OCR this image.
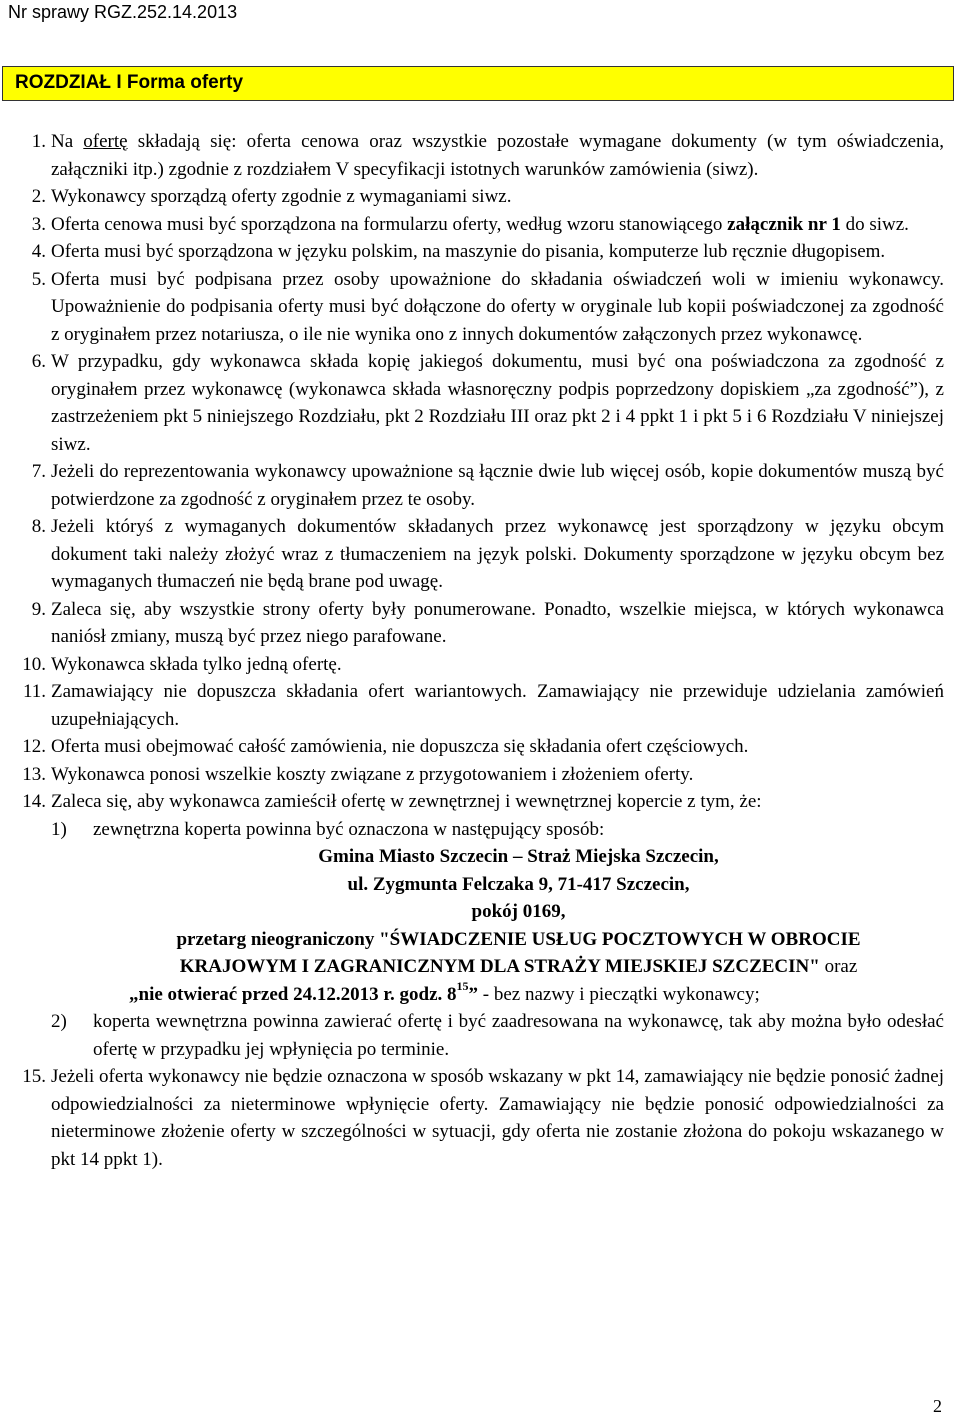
Nr sprawy RGZ.252.14.2013
ROZDZIAŁ I Forma oferty
1. Na ofertę składają się: oferta cenowa oraz wszystkie pozostałe wymagane dokumenty (w tym oświadczenia, załączniki itp.) zgodnie z rozdziałem V specyfikacji istotnych warunków zamówienia (siwz).
2. Wykonawcy sporządzą oferty zgodnie z wymaganiami siwz.
3. Oferta cenowa musi być sporządzona na formularzu oferty, według wzoru stanowiącego załącznik nr 1 do siwz.
4. Oferta musi być sporządzona w języku polskim, na maszynie do pisania, komputerze lub ręcznie długopisem.
5. Oferta musi być podpisana przez osoby upoważnione do składania oświadczeń woli w imieniu wykonawcy. Upoważnienie do podpisania oferty musi być dołączone do oferty w oryginale lub kopii poświadczonej za zgodność z oryginałem przez notariusza, o ile nie wynika ono z innych dokumentów załączonych przez wykonawcę.
6. W przypadku, gdy wykonawca składa kopię jakiegoś dokumentu, musi być ona poświadczona za zgodność z oryginałem przez wykonawcę (wykonawca składa własnoręczny podpis poprzedzony dopiskiem „za zgodność”), z zastrzeżeniem pkt 5 niniejszego Rozdziału, pkt 2 Rozdziału III oraz pkt 2 i 4 ppkt 1 i pkt 5 i 6 Rozdziału V niniejszej siwz.
7. Jeżeli do reprezentowania wykonawcy upoważnione są łącznie dwie lub więcej osób, kopie dokumentów muszą być potwierdzone za zgodność z oryginałem przez te osoby.
8. Jeżeli któryś z wymaganych dokumentów składanych przez wykonawcę jest sporządzony w języku obcym dokument taki należy złożyć wraz z tłumaczeniem na język polski. Dokumenty sporządzone w języku obcym bez wymaganych tłumaczeń nie będą brane pod uwagę.
9. Zaleca się, aby wszystkie strony oferty były ponumerowane. Ponadto, wszelkie miejsca, w których wykonawca naniósł zmiany, muszą być przez niego parafowane.
10. Wykonawca składa tylko jedną ofertę.
11. Zamawiający nie dopuszcza składania ofert wariantowych. Zamawiający nie przewiduje udzielania zamówień uzupełniających.
12. Oferta musi obejmować całość zamówienia, nie dopuszcza się składania ofert częściowych.
13. Wykonawca ponosi wszelkie koszty związane z przygotowaniem i złożeniem oferty.
14. Zaleca się, aby wykonawca zamieścił ofertę w zewnętrznej i wewnętrznej kopercie z tym, że:
1) zewnętrzna koperta powinna być oznaczona w następujący sposób:
Gmina Miasto Szczecin – Straż Miejska Szczecin,
ul. Zygmunta Felczaka 9, 71-417 Szczecin,
pokój 0169,
przetarg nieograniczony "ŚWIADCZENIE USŁUG POCZTOWYCH W OBROCIE
KRAJOWYM I ZAGRANICZNYM DLA STRAŻY MIEJSKIEJ SZCZECIN" oraz
„nie otwierać przed 24.12.2013 r. godz. $8^{15}$” - bez nazwy i pieczątki wykonawcy;
2) koperta wewnętrzna powinna zawierać ofertę i być zaadresowana na wykonawcę, tak aby można było odesłać ofertę w przypadku jej wpłynięcia po terminie.
15. Jeżeli oferta wykonawcy nie będzie oznaczona w sposób wskazany w pkt 14, zamawiający nie będzie ponosić żadnej odpowiedzialności za nieterminowe wpłynięcie oferty. Zamawiający nie będzie ponosić odpowiedzialności za nieterminowe złożenie oferty w szczególności w sytuacji, gdy oferta nie zostanie złożona do pokoju wskazanego w pkt 14 ppkt 1).
2
